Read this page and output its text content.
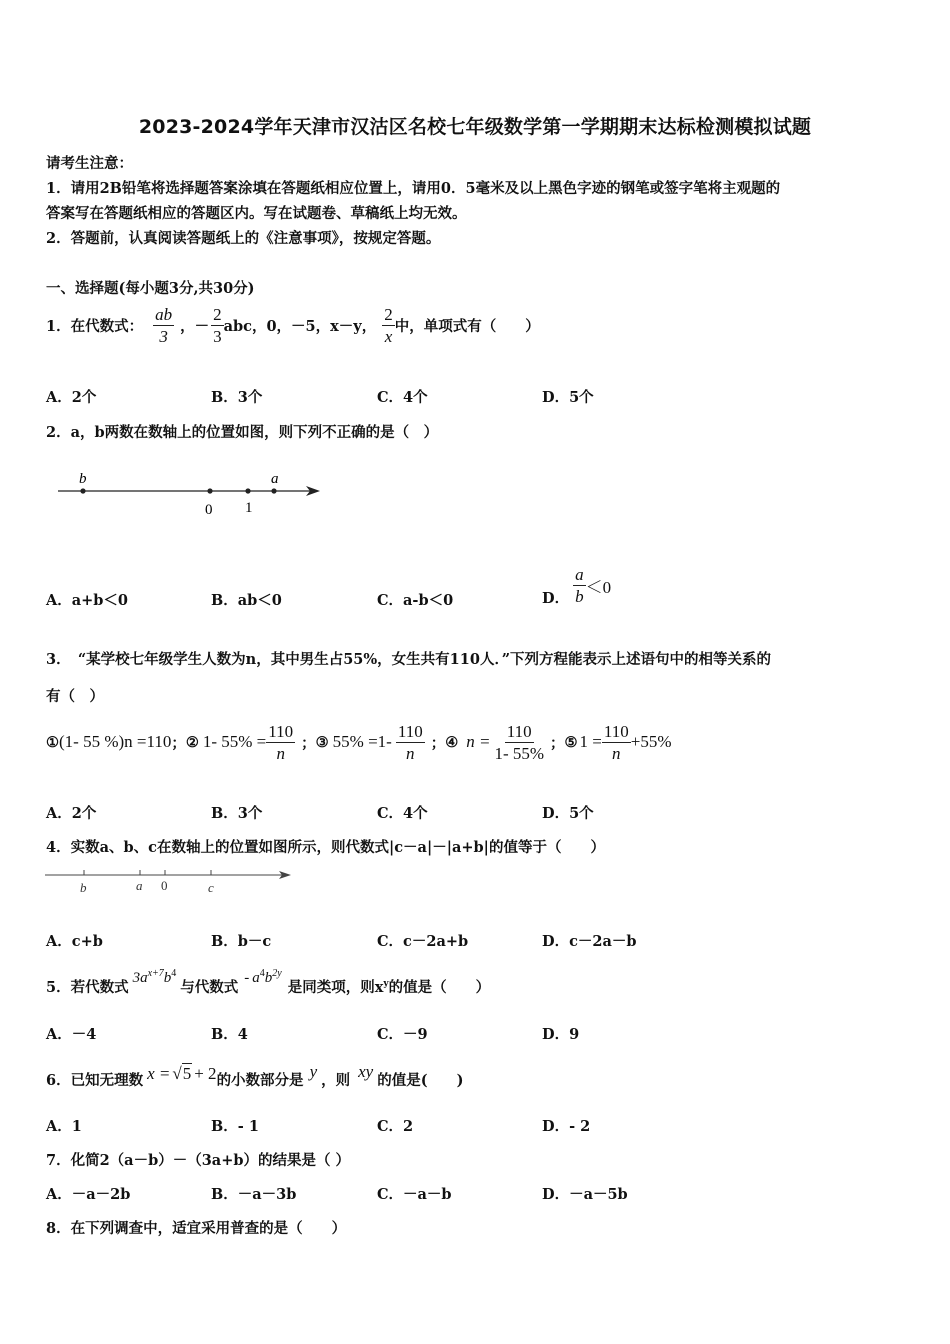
2023-2024学年天津市汉沽区名校七年级数学第一学期期末达标检测模拟试题
请考生注意：
1．请用2B铅笔将选择题答案涂填在答题纸相应位置上，请用0．5毫米及以上黑色字迹的钢笔或签字笔将主观题的
答案写在答题纸相应的答题区内。写在试题卷、草稿纸上均无效。
2．答题前，认真阅读答题纸上的《注意事项》，按规定答题。
一、选择题(每小题3分,共30分)
1．在代数式： $\frac{ab}{3}$ ，－ $\frac{2}{3}$ abc，0，－5，x－y， $\frac{2}{x}$ 中，单项式有（　　）
A．2个	B．3个	C．4个	D．5个
2．a，b两数在数轴上的位置如图，则下列不正确的是（　）
b	a
0 1
A．a+b＜0	B．ab＜0	C．a-b＜0	D． $\frac{a}{b} <0$
3．　“某学校七年级学生人数为n，其中男生占55%，女生共有110人．”下列方程能表示上述语句中的相等关系的
有（　）
① (1- 55 %)n =110 ； ② 1- $55\% = \frac{110}{n}$ ； ③ $55\% =1- \frac{110}{n}$ ； ④ $n = \frac{110}{1- 55\%}$ ； ⑤ $1 = \frac{110}{n} +55\%$
A．2个	B．3个	C．4个	D．5个
4．实数a、b、c在数轴上的位置如图所示，则代数式|c－a|－|a+b|的值等于（　　）
b	a 0	c
A．c+b	B．b－c	C．c－2a+b	D．c－2a－b
5．若代数式
$3a^{x+7}b^4$
与代数式
- $a^4b^{2y}$
是同类项，则$x^y$的值是（　　）
A．－4	B．4	C．－9	D．9
6．已知无理数 x = √5 + 2 的小数部分是 y ，则 xy 的值是(　　)
A．1	B．- 1	C．2	D．- 2
7．化简2（a－b）－（3a+b）的结果是（ ）
A．－a－2b	B．－a－3b	C．－a－b	D．－a－5b
8．在下列调查中，适宜采用普查的是（　　）
